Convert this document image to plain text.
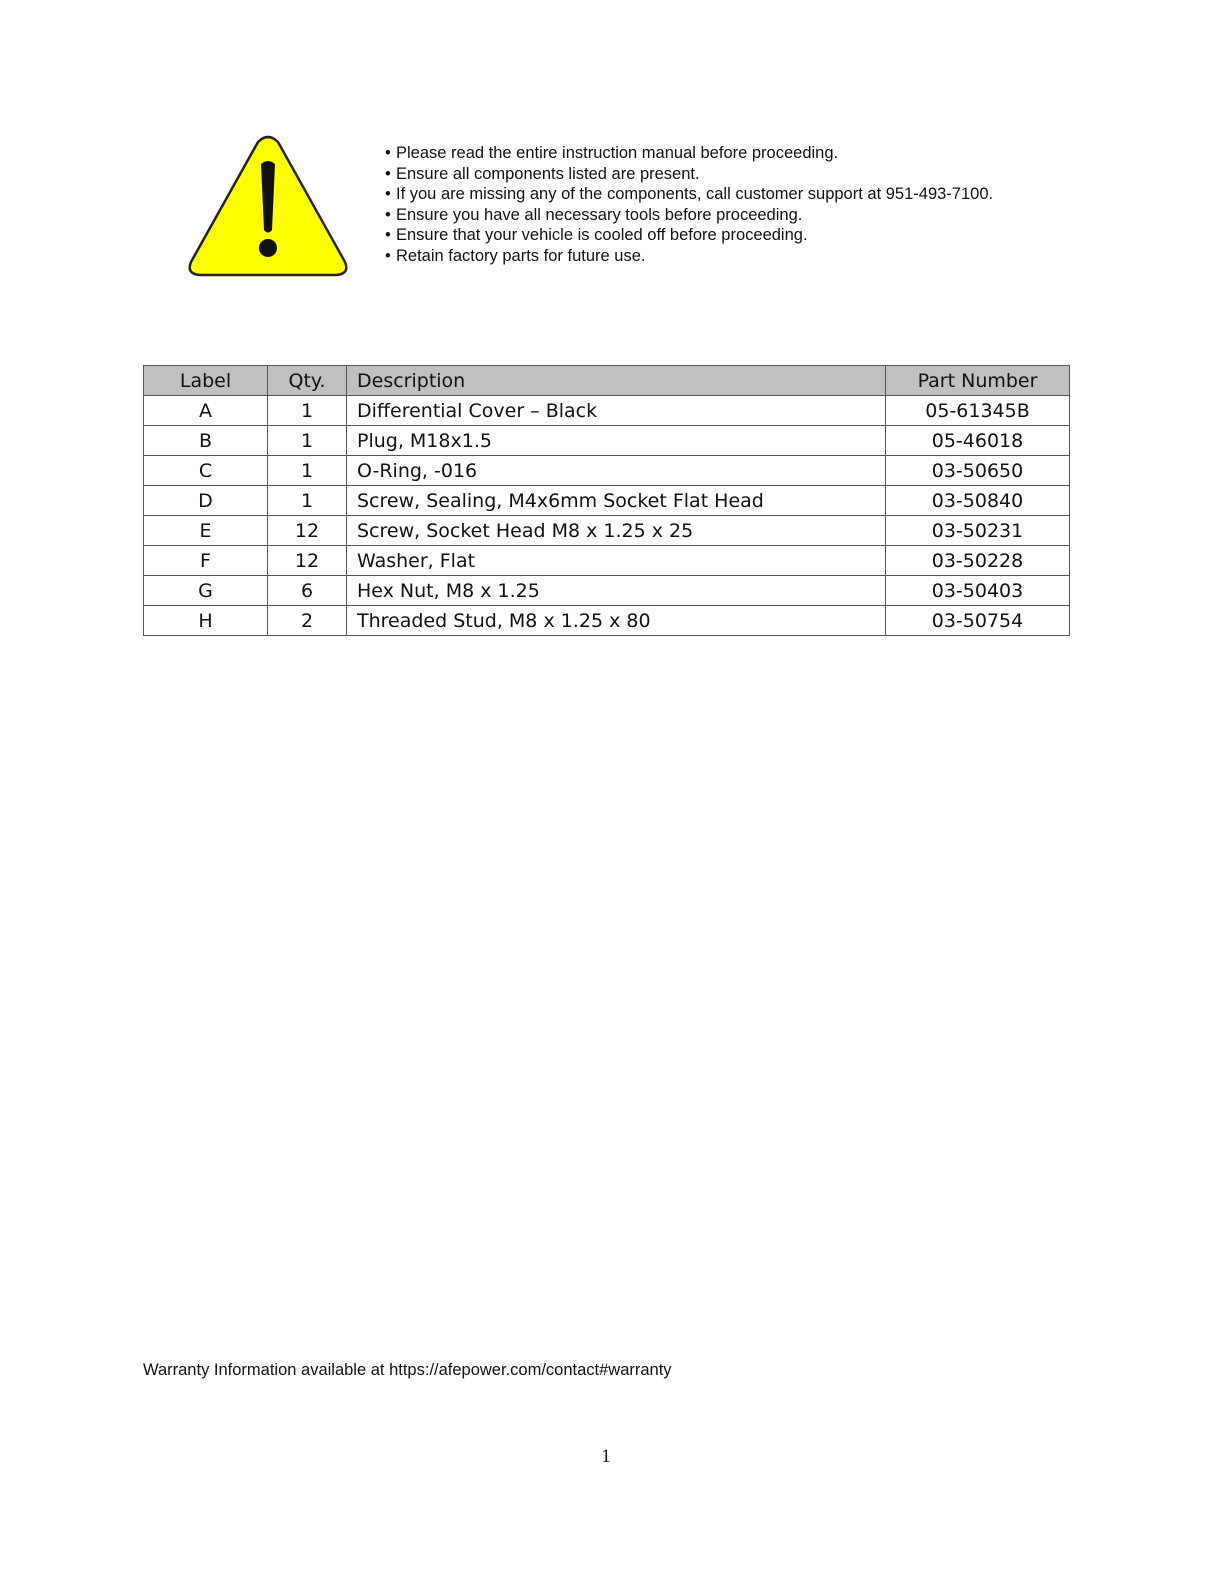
• Please read the entire instruction manual before proceeding.
• Ensure all components listed are present.
• If you are missing any of the components, call customer support at 951-493-7100.
• Ensure you have all necessary tools before proceeding.
• Ensure that your vehicle is cooled off before proceeding.
• Retain factory parts for future use.
Label	Qty.	Description	Part Number
A	1	Differential Cover – Black	05-61345B
B	1	Plug, M18x1.5	05-46018
C	1	O-Ring, -016	03-50650
D	1	Screw, Sealing, M4x6mm Socket Flat Head	03-50840
E	12	Screw, Socket Head M8 x 1.25 x 25	03-50231
F	12	Washer, Flat	03-50228
G	6	Hex Nut, M8 x 1.25	03-50403
H	2	Threaded Stud, M8 x 1.25 x 80	03-50754
Warranty Information available at https://afepower.com/contact#warranty
1
